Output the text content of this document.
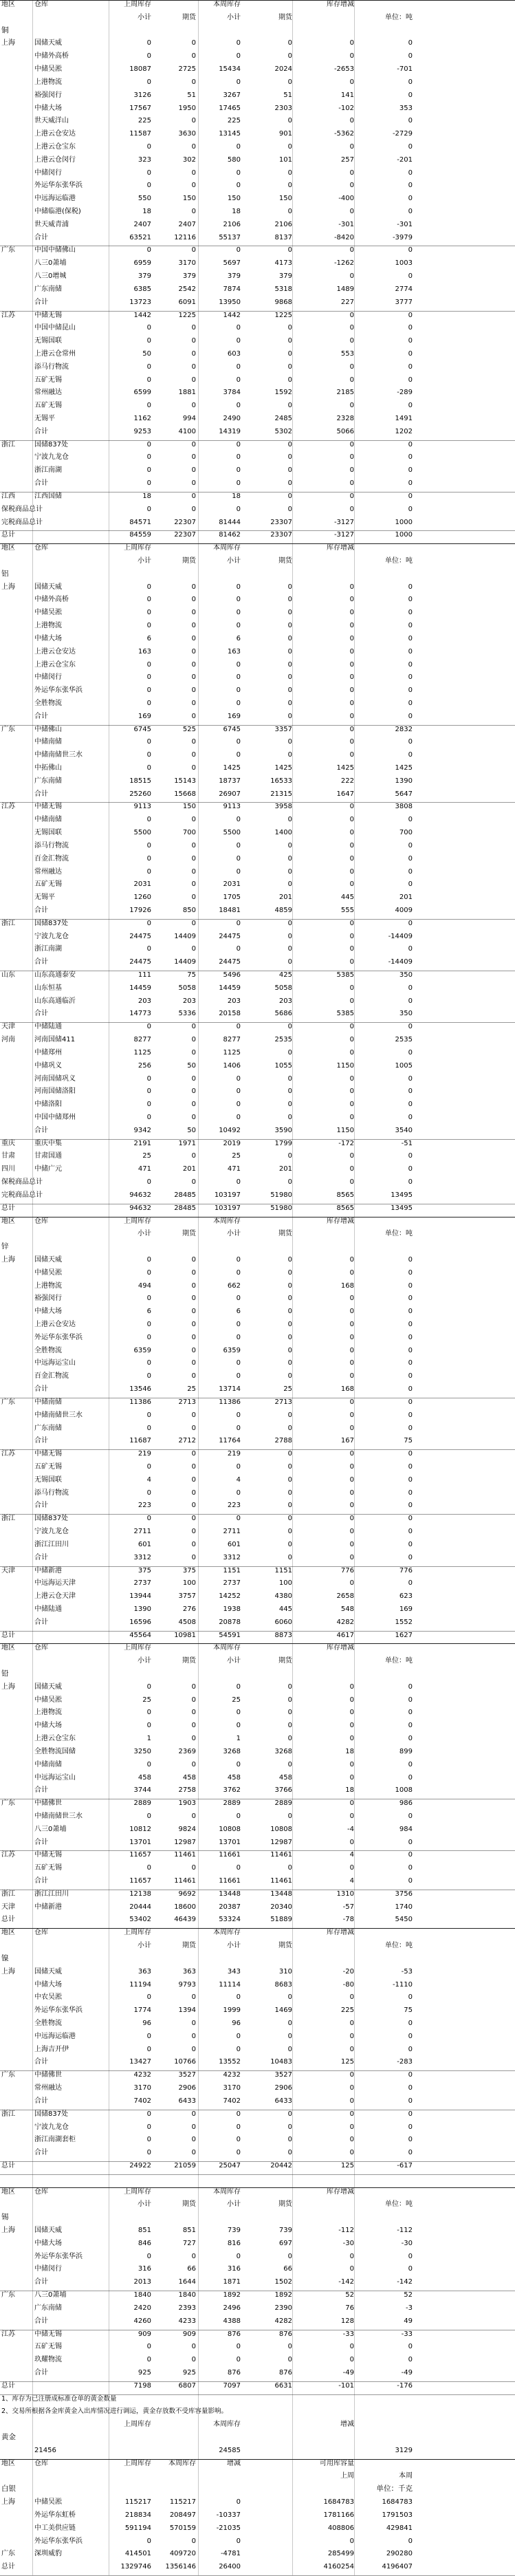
地区	仓库	上周库存	本周库存	库存增减
小计	期货	小计	期货	单位：吨
铜
上海	国储天威	0	0	0	0	0	0
中储外高桥	0	0	0	0	0	0
中储吴淞	18087	2725	15434	2024	-2653	-701
上港物流	0	0	0	0	0	0
裕强闵行	3126	51	3267	51	141	0
中储大场	17567	1950	17465	2303	-102	353
世天威洋山	225	0	225	0	0	0
上港云仓安达	11587	3630	13145	901	-5362	-2729
上港云仓宝东	0	0	0	0	0	0
上港云仓闵行	323	302	580	101	257	-201
中储闵行	0	0	0	0	0	0
外运华东张华浜	0	0	0	0	0	0
中远海运临港	550	150	150	150	-400	0
中储临港(保税)	18	0	18	0	0	0
世天威青浦	2407	2407	2106	2106	-301	-301
合计	63521	12116	55137	8137	-8420	-3979
广东	中国中储佛山	0	0	0	0	0	0
八三0萧埔	6959	3170	5697	4173	-1262	1003
八三0增城	379	379	379	379	0	0
广东南储	6385	2542	7874	5318	1489	2774
合计	13723	6091	13950	9868	227	3777
江苏	中储无锡	1442	1225	1442	1225	0	0
中国中储昆山	0	0	0	0	0	0
无锡国联	0	0	0	0	0	0
上港云仓常州	50	0	603	0	553	0
添马行物流	0	0	0	0	0	0
五矿无锡	0	0	0	0	0	0
常州融达	6599	1881	3784	1592	2185	-289
五矿无锡	0	0	0	0	0	0
无锡平	1162	994	2490	2485	2328	1491
合计	9253	4100	14319	5302	5066	1202
浙江	国储837处	0	0	0	0	0	0
宁波九龙仓	0	0	0	0	0	0
浙江南湖	0	0	0	0	0	0
合计	0	0	0	0	0	0
江西	江西国储	18	0	18	0	0	0
保税商品总计	0	0	0	0	0	0
完税商品总计	84571	22307	81444	23307	-3127	1000
总计	84559	22307	81462	23307	-3127	1000
地区	仓库	上周库存	本周库存	库存增减
小计	期货	小计	期货	单位：吨
铝
上海	国储天威	0	0	0	0	0	0
中储外高桥	0	0	0	0	0	0
中储吴淞	0	0	0	0	0	0
上港物流	0	0	0	0	0	0
中储大场	6	0	6	0	0	0
上港云仓安达	163	0	163	0	0	0
上港云仓宝东	0	0	0	0	0	0
中储闵行	0	0	0	0	0	0
外运华东张华浜	0	0	0	0	0	0
全胜物流	0	0	0	0	0	0
合计	169	0	169	0	0	0
广东	中储佛山	6745	525	6745	3357	0	2832
中储南储	0	0	0	0	0	0
中储南储世三水	0	0	0	0	0	0
中拓佛山	0	0	1425	1425	1425	1425
广东南储	18515	15143	18737	16533	222	1390
合计	25260	15668	26907	21315	1647	5647
江苏	中储无锡	9113	150	9113	3958	0	3808
中储南储	0	0	0	0	0	0
无锡国联	5500	700	5500	1400	0	700
添马行物流	0	0	0	0	0	0
百金汇物流	0	0	0	0	0	0
常州融达	0	0	0	0	0	0
五矿无锡	2031	0	2031	0	0	0
无锡平	1260	0	1705	201	445	201
合计	17926	850	18481	4859	555	4009
浙江	国储837处	0	0	0	0	0	0
宁波九龙仓	24475	14409	24475	0	0	-14409
浙江南湖	0	0	0	0	0	0
合计	24475	14409	24475	0	0	-14409
山东	山东高通泰安	111	75	5496	425	5385	350
山东恒基	14459	5058	14459	5058	0	0
山东高通临沂	203	203	203	203	0	0
合计	14773	5336	20158	5686	5385	350
天津	中储陆通	0	0	0	0	0	0
河南	河南国储411	8277	0	8277	2535	0	2535
中储郑州	1125	0	1125	0	0	0
中储巩义	256	50	1406	1055	1150	1005
河南国储巩义	0	0	0	0	0	0
河南国储洛阳	0	0	0	0	0	0
中储洛阳	0	0	0	0	0	0
中国中储郑州	0	0	0	0	0	0
合计	9342	50	10492	3590	1150	3540
重庆	重庆中集	2191	1971	2019	1799	-172	-51
甘肃	甘肃国通	25	0	25	0	0	0
四川	中储广元	471	201	471	201	0	0
保税商品总计	0	0	0	0	0	0
完税商品总计	94632	28485	103197	51980	8565	13495
总计	94632	28485	103197	51980	8565	13495
地区	仓库	上周库存	本周库存	库存增减
小计	期货	小计	期货	单位：吨
锌
上海	国储天威	0	0	0	0	0	0
中储吴淞	0	0	0	0	0	0
上港物流	494	0	662	0	168	0
裕强闵行	0	0	0	0	0	0
中储大场	6	0	6	0	0	0
上港云仓安达	0	0	0	0	0	0
外运华东张华浜	0	0	0	0	0	0
全胜物流	6359	0	6359	0	0	0
中远海运宝山	0	0	0	0	0	0
百金汇物流	0	0	0	0	0	0
合计	13546	25	13714	25	168	0
广东	中储南储	11386	2713	11386	2713	0	0
中储南储世三水	0	0	0	0	0	0
广东南储	0	0	0	0	0	0
合计	11687	2712	11764	2788	167	75
江苏	中储无锡	219	0	219	0	0	0
五矿无锡	0	0	0	0	0	0
无锡国联	4	0	4	0	0	0
添马行物流	0	0	0	0	0	0
合计	223	0	223	0	0	0
浙江	国储837处	0	0	0	0	0	0
宁波九龙仓	2711	0	2711	0	0	0
浙江江田川	601	0	601	0	0	0
合计	3312	0	3312	0	0	0
天津	中储新港	375	375	1151	1151	776	776
中远海运天津	2737	100	2737	100	0	0
上港云仓天津	13944	3757	14252	4380	2658	623
中储陆通	1390	276	1938	445	548	169
合计	16596	4508	20878	6060	4282	1552
总计	45564	10981	54591	8873	4617	1627
地区	仓库	上周库存	本周库存	库存增减
小计	期货	小计	期货	单位：吨
铅
上海	国储天威	0	0	0	0	0	0
中储吴淞	25	0	25	0	0	0
上港物流	0	0	0	0	0	0
中储大场	0	0	0	0	0	0
上港云仓宝东	1	0	1	0	0	0
全胜物流国储	3250	2369	3268	3268	18	899
中储南储	0	0	0	0	0	0
中远海运宝山	458	458	458	458	0	0
合计	3744	2758	3762	3766	18	1008
广东	中储佛世	2889	1903	2889	2889	0	986
中储南储世三水	0	0	0	0	0	0
八三0萧埔	10812	9824	10808	10808	-4	984
合计	13701	12987	13701	12987	0	0
江苏	中储无锡	11657	11461	11661	11461	4	0
五矿无锡	0	0	0	0	0	0
合计	11657	11461	11661	11461	4	0
浙江	浙江江田川	12138	9692	13448	13448	1310	3756
天津	中储新港	20444	18600	20387	20340	-57	1740
总计	53402	46439	53324	51889	-78	5450
地区	仓库	上周库存	本周库存	库存增减
小计	期货	小计	期货	单位：吨
镍
上海	国储天威	363	363	343	310	-20	-53
中储大场	11194	9793	11114	8683	-80	-1110
中农吴淞	0	0	0	0	0	0
外运华东张华浜	1774	1394	1999	1469	225	75
全胜物流	96	0	96	0	0	0
中远海运临港	0	0	0	0	0	0
上海吉开伊	0	0	0	0	0	0
合计	13427	10766	13552	10483	125	-283
广东	中储佛世	4232	3527	4232	3527	0	0
常州融达	3170	2906	3170	2906	0	0
合计	7402	6433	7402	6433	0	0
浙江	国储837处	0	0	0	0	0	0
宁波九龙仓	0	0	0	0	0	0
浙江南湖套柜	0	0	0	0	0	0
合计	0	0	0	0	0	0
总计	24922	21059	25047	20442	125	-617
地区	仓库	上周库存	本周库存	库存增减
小计	期货	小计	期货	单位：吨
锡
上海	国储天威	851	851	739	739	-112	-112
中储大场	846	727	816	697	-30	-30
外运华东张华浜	0	0	0	0	0	0
中储闵行	316	66	316	66	0	0
合计	2013	1644	1871	1502	-142	-142
广东	八三0萧埔	1840	1840	1892	1892	52	52
广东南储	2420	2393	2496	2390	76	-3
合计	4260	4233	4388	4282	128	49
江苏	中储无锡	909	909	876	876	-33	-33
五矿无锡	0	0	0	0	0	0
玖耀物流	0	0	0	0	0	0
合计	925	925	876	876	-49	-49
总计	7198	6807	7097	6631	-101	-176
1、库存为已注册成标准仓单的黄金数量
2、交易所根据各金库黄金入出库情况进行调运，黄金存放数不受库容量影响。
上周库存	本周库存	增减
黄金
21456	24585	3129
地区	仓库	上周库存	本周库存	增减	可用库容量
上周	本周
白银	单位：千克
上海	中储吴淞	115217	115217	0	1684783	1684783
外运华东虹桥	218834	208497	-10337	1781166	1791503
中工美供应链	591194	570159	-21035	408806	429841
外运华东张华浜	0	0	0	0	0
广东	深圳威豹	414501	409720	-4781	285499	290280
总计	1329746	1356146	26400	4160254	4196407
